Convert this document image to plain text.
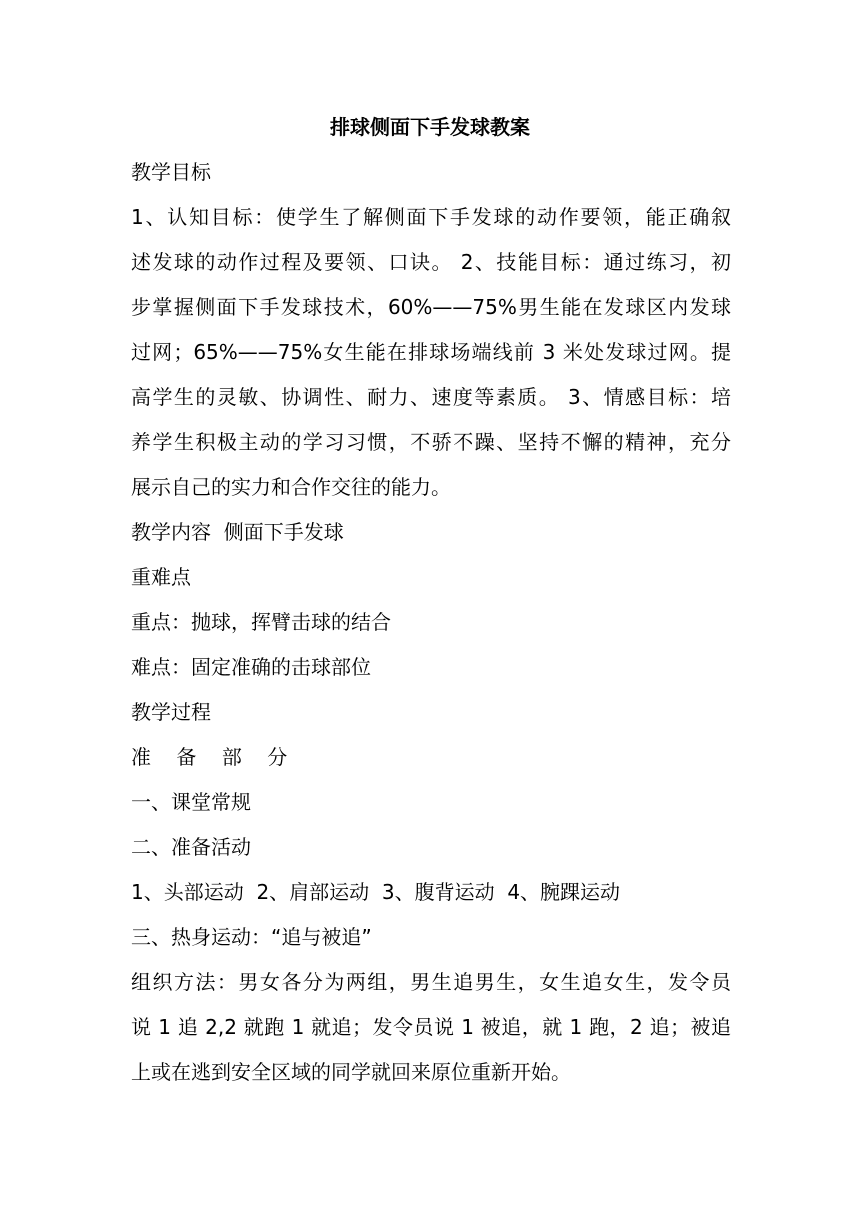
排球侧面下手发球教案
教学目标
1、认知目标：使学生了解侧面下手发球的动作要领，能正确叙
述发球的动作过程及要领、口诀。 2、技能目标：通过练习，初
步掌握侧面下手发球技术，60%——75%男生能在发球区内发球
过网；65%——75%女生能在排球场端线前 3 米处发球过网。提
高学生的灵敏、协调性、耐力、速度等素质。 3、情感目标：培
养学生积极主动的学习习惯，不骄不躁、坚持不懈的精神，充分
展示自己的实力和合作交往的能力。
教学内容  侧面下手发球
重难点
重点：抛球，挥臂击球的结合
难点：固定准确的击球部位
教学过程
准    备    部    分
一、课堂常规
二、准备活动
1、头部运动  2、肩部运动  3、腹背运动  4、腕踝运动
三、热身运动：“追与被追”
组织方法：男女各分为两组，男生追男生，女生追女生，发令员
说 1 追 2,2 就跑 1 就追；发令员说 1 被追，就 1 跑，2 追；被追
上或在逃到安全区域的同学就回来原位重新开始。
